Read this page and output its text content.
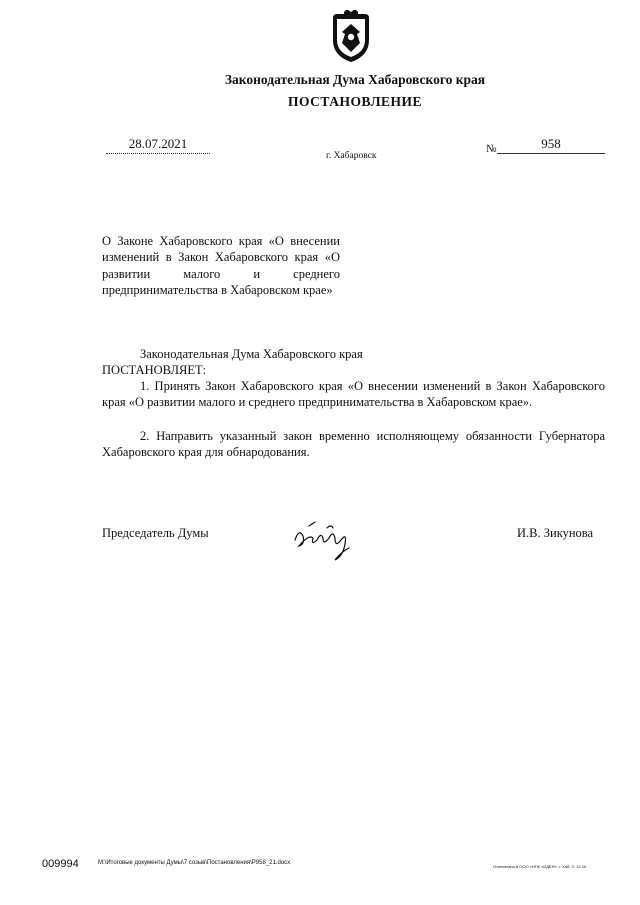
Законодательная Дума Хабаровского края
ПОСТАНОВЛЕНИЕ
28.07.2021
г. Хабаровск
№	958
О Законе Хабаровского края «О внесении изменений в Закон Хабаровского края «О развитии малого и среднего предпринимательства в Хабаровском крае»
Законодательная Дума Хабаровского края
ПОСТАНОВЛЯЕТ:

1. Принять Закон Хабаровского края «О внесении изменений в Закон Хабаровского края «О развитии малого и среднего предпринимательства в Хабаровском крае».

2. Направить указанный закон временно исполняющему обязанности Губернатора Хабаровского края для обнародования.

Председатель Думы	И.В. Зикунова
009994	M:\Итоговые документы Думы\7 созыв\Постановления\Р958_21.docx
Отпечатано в ООО «НПК «ИДЕЯ», г. Хаб. З. 12-16
